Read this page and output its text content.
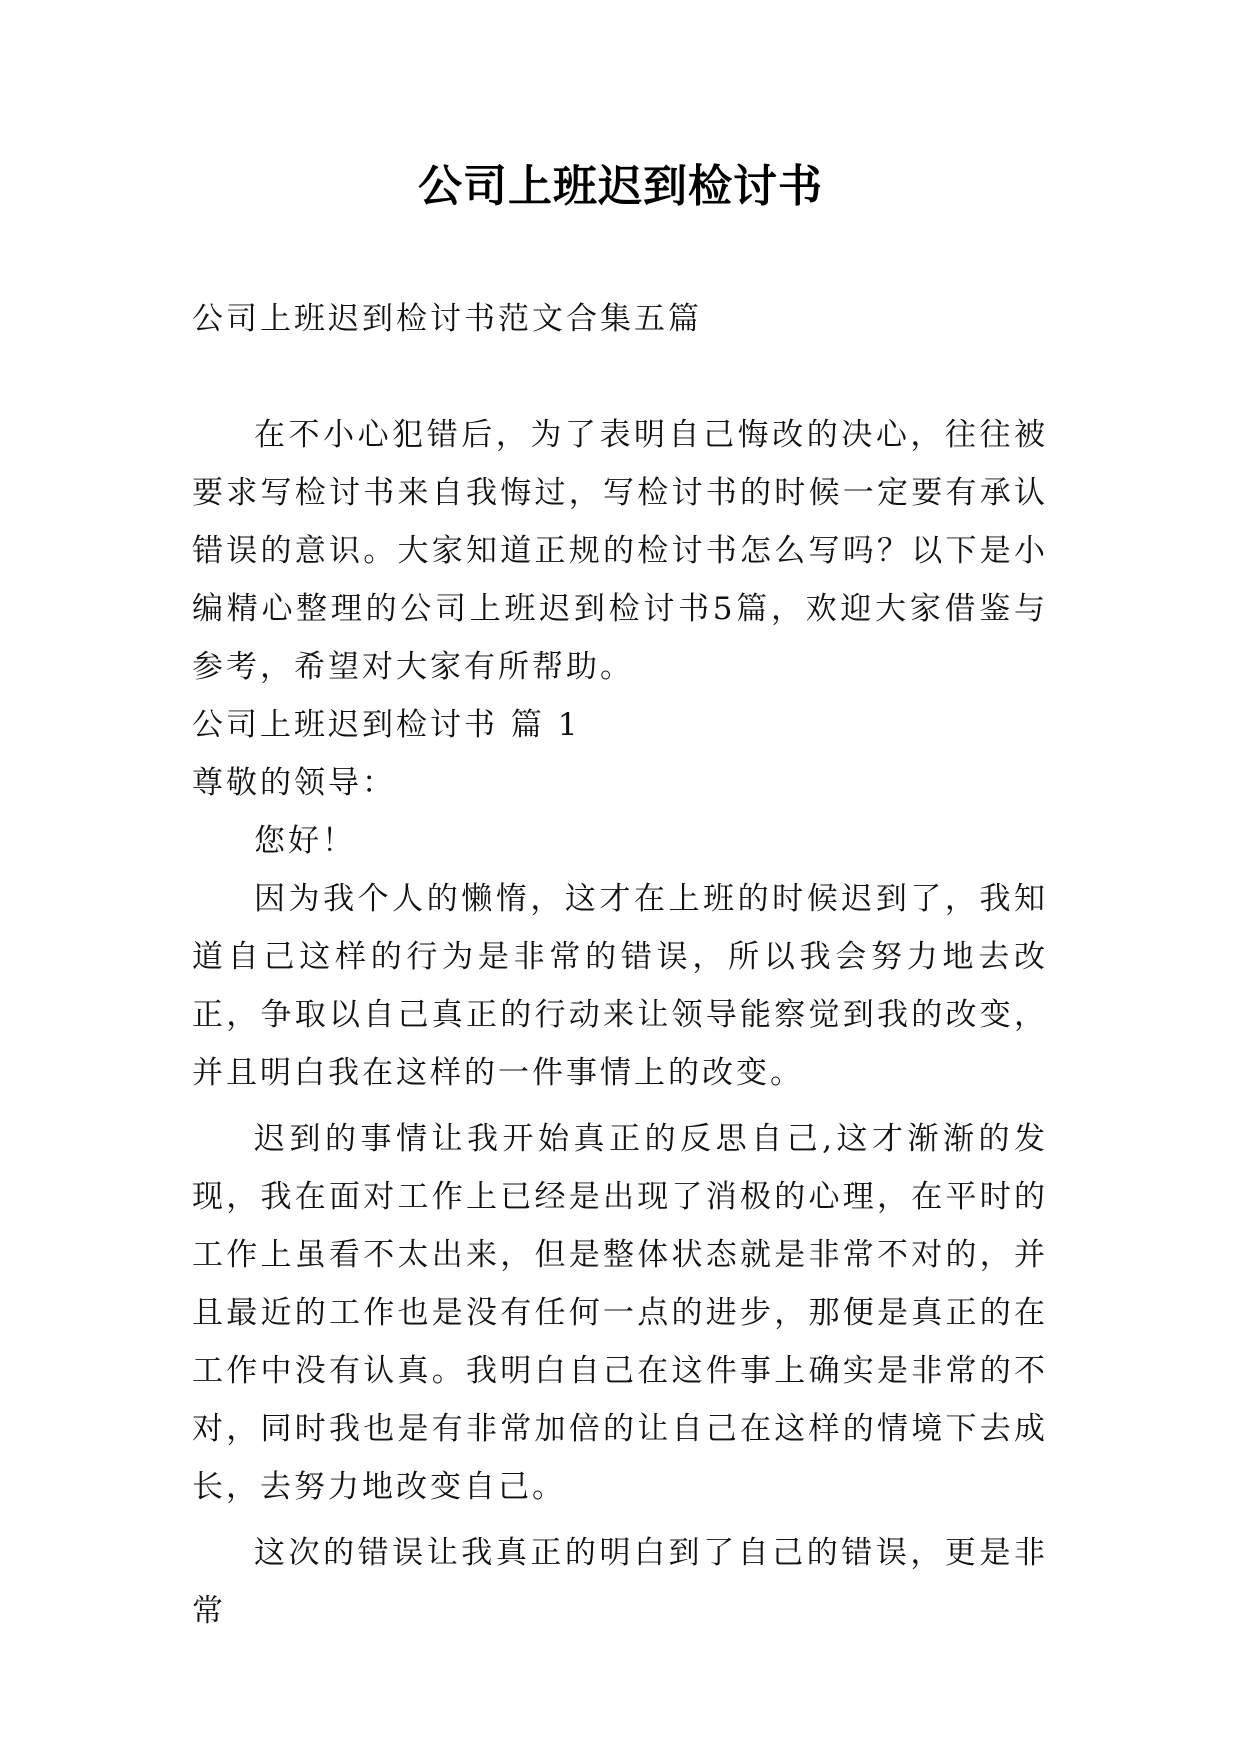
公司上班迟到检讨书

公司上班迟到检讨书范文合集五篇

在不小心犯错后，为了表明自己悔改的决心，往往被要求写检讨书来自我悔过，写检讨书的时候一定要有承认错误的意识。大家知道正规的检讨书怎么写吗？以下是小编精心整理的公司上班迟到检讨书5篇，欢迎大家借鉴与参考，希望对大家有所帮助。

公司上班迟到检讨书 篇 1

尊敬的领导：

您好！

因为我个人的懒惰，这才在上班的时候迟到了，我知道自己这样的行为是非常的错误，所以我会努力地去改正，争取以自己真正的行动来让领导能察觉到我的改变，并且明白我在这样的一件事情上的改变。

迟到的事情让我开始真正的反思自己,这才渐渐的发现，我在面对工作上已经是出现了消极的心理，在平时的工作上虽看不太出来，但是整体状态就是非常不对的，并且最近的工作也是没有任何一点的进步，那便是真正的在工作中没有认真。我明白自己在这件事上确实是非常的不对，同时我也是有非常加倍的让自己在这样的情境下去成长，去努力地改变自己。

这次的错误让我真正的明白到了自己的错误，更是非常
